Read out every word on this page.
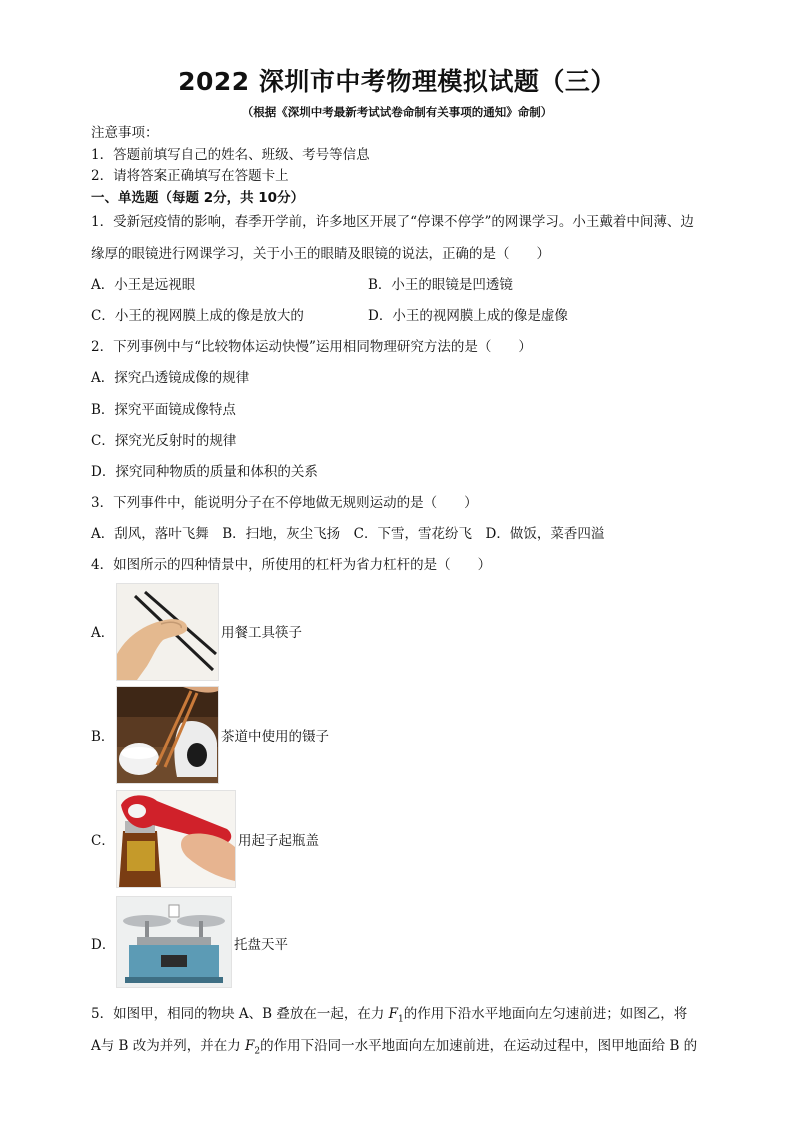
2022 深圳市中考物理模拟试题（三）
（根据《深圳中考最新考试试卷命制有关事项的通知》命制）
注意事项：
1．答题前填写自己的姓名、班级、考号等信息
2．请将答案正确填写在答题卡上
一、单选题（每题 2分，共 10分）
1．受新冠疫情的影响，春季开学前，许多地区开展了“停课不停学”的网课学习。小王戴着中间薄、边
缘厚的眼镜进行网课学习，关于小王的眼睛及眼镜的说法，正确的是（　　）
A．小王是远视眼	B．小王的眼镜是凹透镜
C．小王的视网膜上成的像是放大的	D．小王的视网膜上成的像是虚像
2．下列事例中与“比较物体运动快慢”运用相同物理研究方法的是（　　）
A．探究凸透镜成像的规律
B．探究平面镜成像特点
C．探究光反射时的规律
D．探究同种物质的质量和体积的关系
3．下列事件中，能说明分子在不停地做无规则运动的是（　　）
A．刮风，落叶飞舞　B．扫地，灰尘飞扬　C．下雪，雪花纷飞　D．做饭，菜香四溢
4．如图所示的四种情景中，所使用的杠杆为省力杠杆的是（　　）
A．	用餐工具筷子
B．	茶道中使用的镊子
C．	用起子起瓶盖
D．	托盘天平
5．如图甲，相同的物块 A、B 叠放在一起，在力 $F_1$的作用下沿水平地面向左匀速前进；如图乙，将
A与 B 改为并列，并在力 $F_2$的作用下沿同一水平地面向左加速前进，在运动过程中，图甲地面给 B 的
